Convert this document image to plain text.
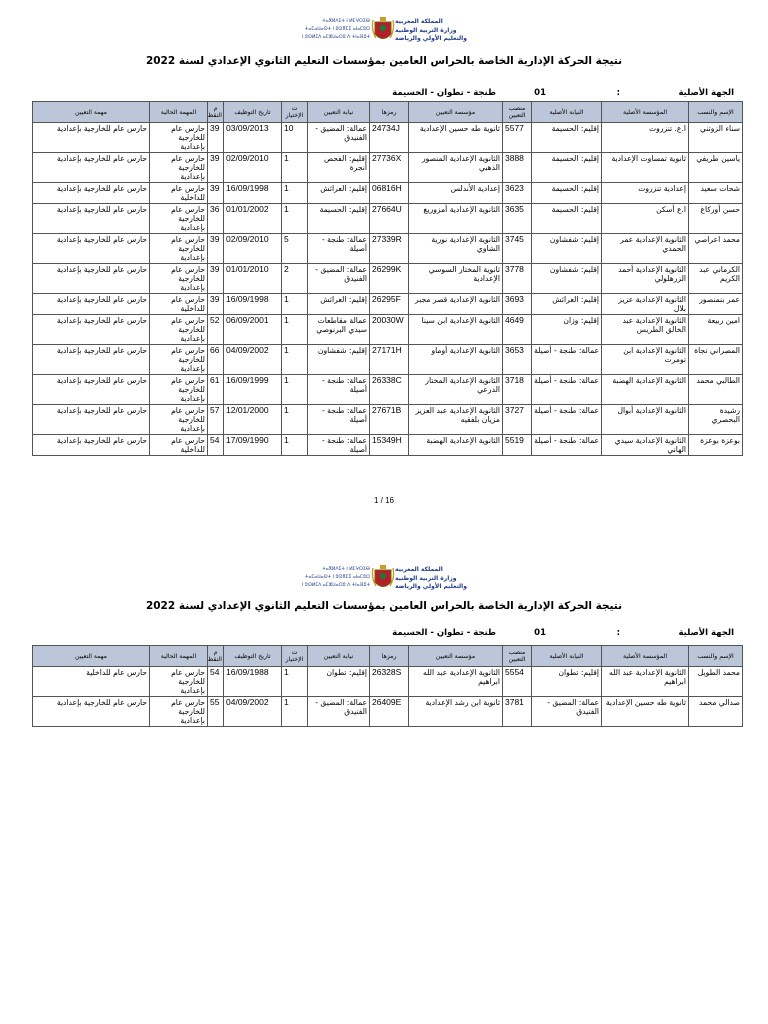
ⵜⴰⴳⵍⴷⵉⵜ ⵏ ⵍⵎⵖⵔⵉⴱ
ⵜⴰⵎⴰⵡⴰⵙⵜ ⵏ ⵓⵙⴳⵎⵉ ⴰⵏⴰⵎⵓⵔ
ⵏ ⵓⵙⵍⵎⴷ ⴰⵎⵣⵡⴰⵔⵓ ⴷ ⵜⵏⴰⴼⵓⵜ
المملكة المغربية
وزارة التربية الوطنية
والتعليم الأولي والرياضة
نتيجة الحركة الإدارية الخاصة بالحراس العامين بمؤسسات التعليم الثانوي الإعدادي لسنة 2022
الجهة الأصلية
:
01
طنجة - تطوان - الحسيمة
الإسم والنسب	المؤسسة الأصلية	النيابة الأصلية	منصب التعيين	مؤسسة التعيين	رمزها	نيابة التعيين	ت الإختيار	تاريخ التوظيف	م النقط	المهمة الحالية	مهمة التعيين
سناء الزوتني	ا.ع. تنزروت	إقليم: الحسيمة	5577	ثانوية طه حسين الإعدادية	24734J	عمالة: المضيق - الفنيدق	10	03/09/2013	39	حارس عام للخارجية بإعدادية	حارس عام للخارجية بإعدادية
ياسين طريفي	ثانوية تمساوت الإعدادية	إقليم: الحسيمة	3888	الثانوية الإعدادية المنصور الذهبي	27736X	إقليم: الفحص أنجرة	1	02/09/2010	39	حارس عام للخارجية بإعدادية	حارس عام للخارجية بإعدادية
شحات سعيد	إعدادية تنزروت	إقليم: الحسيمة	3623	إعدادية الأندلس	06816H	إقليم: العرائش	1	16/09/1998	39	حارس عام للداخلية	حارس عام للخارجية بإعدادية
حسن أوركاغ	ا.ع أسكن	إقليم: الحسيمة	3635	الثانوية الإعدادية أمزوريغ	27664U	إقليم: الحسيمة	1	01/01/2002	36	حارس عام للخارجية بإعدادية	حارس عام للخارجية بإعدادية
محمد اعراصي	الثانوية الإعدادية عمر الحمدي	إقليم: شفشاون	3745	الثانوية الإعدادية نورية الشاوي	27339R	عمالة: طنجة - أصيلة	5	02/09/2010	39	حارس عام للخارجية بإعدادية	حارس عام للخارجية بإعدادية
الكرماني عبد الكريم	الثانوية الإعدادية أحمد الزرهلولي	إقليم: شفشاون	3778	ثانوية المختار السوسي الإعدادية	26299K	عمالة: المضيق - الفنيدق	2	01/01/2010	39	حارس عام للخارجية بإعدادية	حارس عام للخارجية بإعدادية
عمر بنمنصور	الثانوية الإعدادية عزيز بلال	إقليم: العرائش	3693	الثانوية الإعدادية قصر مجبر	26295F	إقليم: العرائش	1	16/09/1998	39	حارس عام للداخلية	حارس عام للخارجية بإعدادية
امين ربيعة	الثانوية الإعدادية عبد الخالق الطريس	إقليم: وزان	4649	الثانوية الإعدادية ابن سينا	20030W	عمالة مقاطعات سيدي البرنوصي	1	06/09/2001	52	حارس عام للخارجية بإعدادية	حارس عام للخارجية بإعدادية
المصراني نجاة	الثانوية الإعدادية ابن تومرت	عمالة: طنجة - أصيلة	3653	الثانوية الإعدادية أوماو	27171H	إقليم: شفشاون	1	04/09/2002	66	حارس عام للخارجية بإعدادية	حارس عام للخارجية بإعدادية
الطالبي محمد	الثانوية الإعدادية الهضبة	عمالة: طنجة - أصيلة	3718	الثانوية الإعدادية المختار الدرعي	26338C	عمالة: طنجة - أصيلة	1	16/09/1999	61	حارس عام للخارجية بإعدادية	حارس عام للخارجية بإعدادية
رشيدة البحصري	الثانوية الإعدادية أبوال	عمالة: طنجة - أصيلة	3727	الثانوية الإعدادية عبد العزيز مزيان بلفقيه	27671B	عمالة: طنجة - أصيلة	1	12/01/2000	57	حارس عام للخارجية بإعدادية	حارس عام للخارجية بإعدادية
بوعزة بوعزة	الثانوية الإعدادية سيدي الهاني	عمالة: طنجة - أصيلة	5519	الثانوية الإعدادية الهضبة	15349H	عمالة: طنجة - أصيلة	1	17/09/1990	54	حارس عام للداخلية	حارس عام للخارجية بإعدادية
1 / 16
ⵜⴰⴳⵍⴷⵉⵜ ⵏ ⵍⵎⵖⵔⵉⴱ
ⵜⴰⵎⴰⵡⴰⵙⵜ ⵏ ⵓⵙⴳⵎⵉ ⴰⵏⴰⵎⵓⵔ
ⵏ ⵓⵙⵍⵎⴷ ⴰⵎⵣⵡⴰⵔⵓ ⴷ ⵜⵏⴰⴼⵓⵜ
المملكة المغربية
وزارة التربية الوطنية
والتعليم الأولي والرياضة
نتيجة الحركة الإدارية الخاصة بالحراس العامين بمؤسسات التعليم الثانوي الإعدادي لسنة 2022
الجهة الأصلية
:
01
طنجة - تطوان - الحسيمة
الإسم والنسب	المؤسسة الأصلية	النيابة الأصلية	منصب التعيين	مؤسسة التعيين	رمزها	نيابة التعيين	ت الإختيار	تاريخ التوظيف	م النقط	المهمة الحالية	مهمة التعيين
محمد الطويل	الثانوية الإعدادية عبد الله ابراهيم	إقليم: تطوان	5554	الثانوية الإعدادية عبد الله ابراهيم	26328S	إقليم: تطوان	1	16/09/1988	54	حارس عام للخارجية بإعدادية	حارس عام للداخلية
صدالي محمد	ثانوية طه حسين الإعدادية	عمالة: المضيق - الفنيدق	3781	ثانوية ابن رشد الإعدادية	26409E	عمالة: المضيق - الفنيدق	1	04/09/2002	55	حارس عام للخارجية بإعدادية	حارس عام للخارجية بإعدادية
